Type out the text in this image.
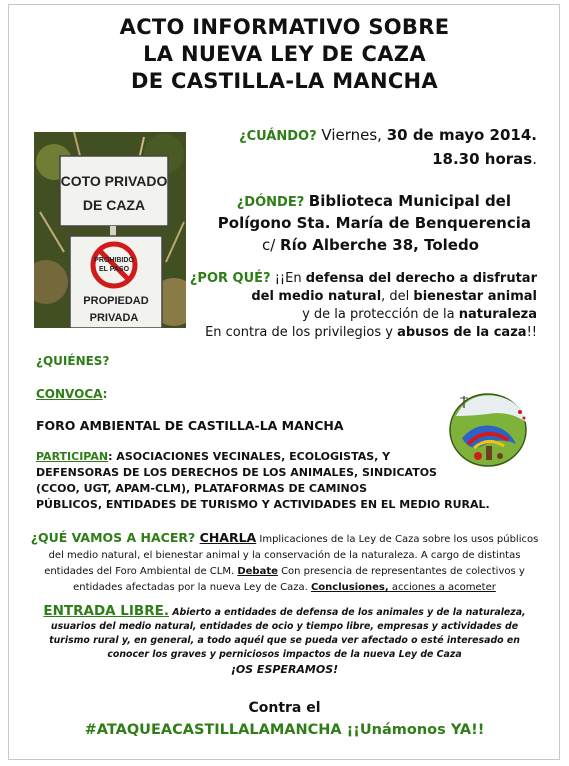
ACTO INFORMATIVO SOBRE
LA NUEVA LEY DE CAZA
DE CASTILLA-LA MANCHA
COTO PRIVADO
DE CAZA
PROHIBIDO
EL PASO
PROPIEDAD
PRIVADA
¿CUÁNDO? Viernes, 30 de mayo 2014.
18.30 horas.
¿DÓNDE? Biblioteca Municipal del
Polígono Sta. María de Benquerencia
c/ Río Alberche 38, Toledo
¿POR QUÉ? ¡¡En defensa del derecho a disfrutar
del medio natural, del bienestar animal
y de la protección de la naturaleza
En contra de los privilegios y abusos de la caza!!
¿QUIÉNES?
CONVOCA:
FORO AMBIENTAL DE CASTILLA-LA MANCHA
PARTICIPAN: ASOCIACIONES VECINALES, ECOLOGISTAS, Y
DEFENSORAS DE LOS DERECHOS DE LOS ANIMALES, SINDICATOS
(CCOO, UGT, APAM-CLM), PLATAFORMAS DE CAMINOS
PÚBLICOS, ENTIDADES DE TURISMO Y ACTIVIDADES EN EL MEDIO RURAL.
¿QUÉ VAMOS A HACER? CHARLA Implicaciones de la Ley de Caza sobre los usos públicos
del medio natural, el bienestar animal y la conservación de la naturaleza. A cargo de distintas
entidades del Foro Ambiental de CLM. Debate Con presencia de representantes de colectivos y
entidades afectadas por la nueva Ley de Caza. Conclusiones, acciones a acometer
ENTRADA LIBRE. Abierto a entidades de defensa de los animales y de la naturaleza,
usuarios del medio natural, entidades de ocio y tiempo libre, empresas y actividades de
turismo rural y, en general, a todo aquél que se pueda ver afectado o esté interesado en
conocer los graves y perniciosos impactos de la nueva Ley de Caza
¡OS ESPERAMOS!
Contra el
#ATAQUEACASTILLALAMANCHA ¡¡Unámonos YA!!
